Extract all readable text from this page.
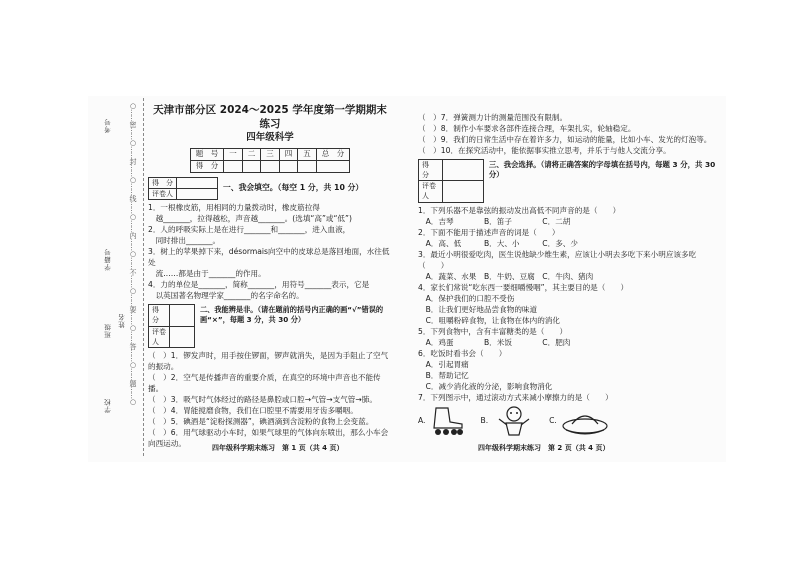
学校
班级
姓名
学籍号
考号 ○……密……○……封……○……线……○……内……○……不……○……要……○……答……○……题……○	天津市部分区 2024～2025 学年度第一学期期末练习
四年级科学
题　号	一	二	三	四	五	总　分
得　分						
得　分	
评卷人	
一、我会填空。（每空 1 分，共 10 分）

1．一根橡皮筋，用相同的力量拨动时，橡皮筋拉得

　越_______，拉得越松，声音越_______。(选填“高”或“低”)

2．人的呼吸实际上是在进行_______和_______，进入血液，

　同时排出_______。

3．树上的苹果掉下来，désormais向空中的皮球总是落回地面，水往低处

　流……都是由于_______的作用。

4．力的单位是_______，简称_______，用符号_______表示，它是

　以英国著名物理学家_______的名字命名的。

得　分	
评卷人	
二、我能辨是非。（请在题前的括号内正确的画“√”错误的画“×”，每题 3 分，共 30 分）

（　）1．锣发声时，用手按住锣面，锣声就消失，是因为手阻止了空气的振动。

（　）2．空气是传播声音的重要介质，在真空的环境中声音也不能传播。

（　）3．吸气时气体经过的路径是鼻腔或口腔→气管→支气管→肺。

（　）4．胃能搅磨食物，我们在口腔里不需要用牙齿多嚼咽。

（　）5．碘酒是“淀粉探测器”，碘酒滴到含淀粉的食物上会变蓝。

（　）6．用气球驱动小车时，如果气球里的气体向东喷出，那么小车会向西运动。

四年级科学期末练习　第 1 页（共 4 页）

（　）7．弹簧测力计的测量范围没有限制。

（　）8．制作小车要求各部件连接合理，车架扎实，轮轴稳定。

（　）9．我们的日常生活中存在着许多力，如运动的能量，比如小车、发光的灯泡等。

（　）10．在探究活动中，能依据事实推立思考，并乐于与他人交流分享。

得　分	
评卷人	
三、我会选择。（请将正确答案的字母填在括号内，每题 3 分，共 30 分）

1．下列乐器不是靠弦的振动发出高低不同声音的是（　　）

　A．吉琴　　　　B．笛子　　　　C．二胡

2．下面不能用于描述声音的词是（　　）

　A．高、低　　　B．大、小　　　C．多、少

3．最近小明很爱吃肉，医生说他缺少维生素，应该让小明去多吃下来小明应该多吃（　　）

　A．蔬菜、水果　B．牛奶、豆腐　C．牛肉、猪肉

4．家长们常说“吃东西一要细嚼慢咽”，其主要目的是（　　）

　A．保护我们的口腔不受伤

　B．让我们更好地品尝食物的味道

　C．咀嚼粉碎食物，让食物在体内的消化

5．下列食物中，含有丰富糖类的是（　　）

　A．鸡蛋　　　　B．米饭　　　　C．肥肉

6．吃饭时看书会（　　）

　A．引起胃痛

　B．帮助记忆

　C．减少消化液的分泌，影响食物消化

7．下列图示中，通过滚动方式来减小摩擦力的是（　　）

A.	B.	C.
四年级科学期末练习　第 2 页（共 4 页）
